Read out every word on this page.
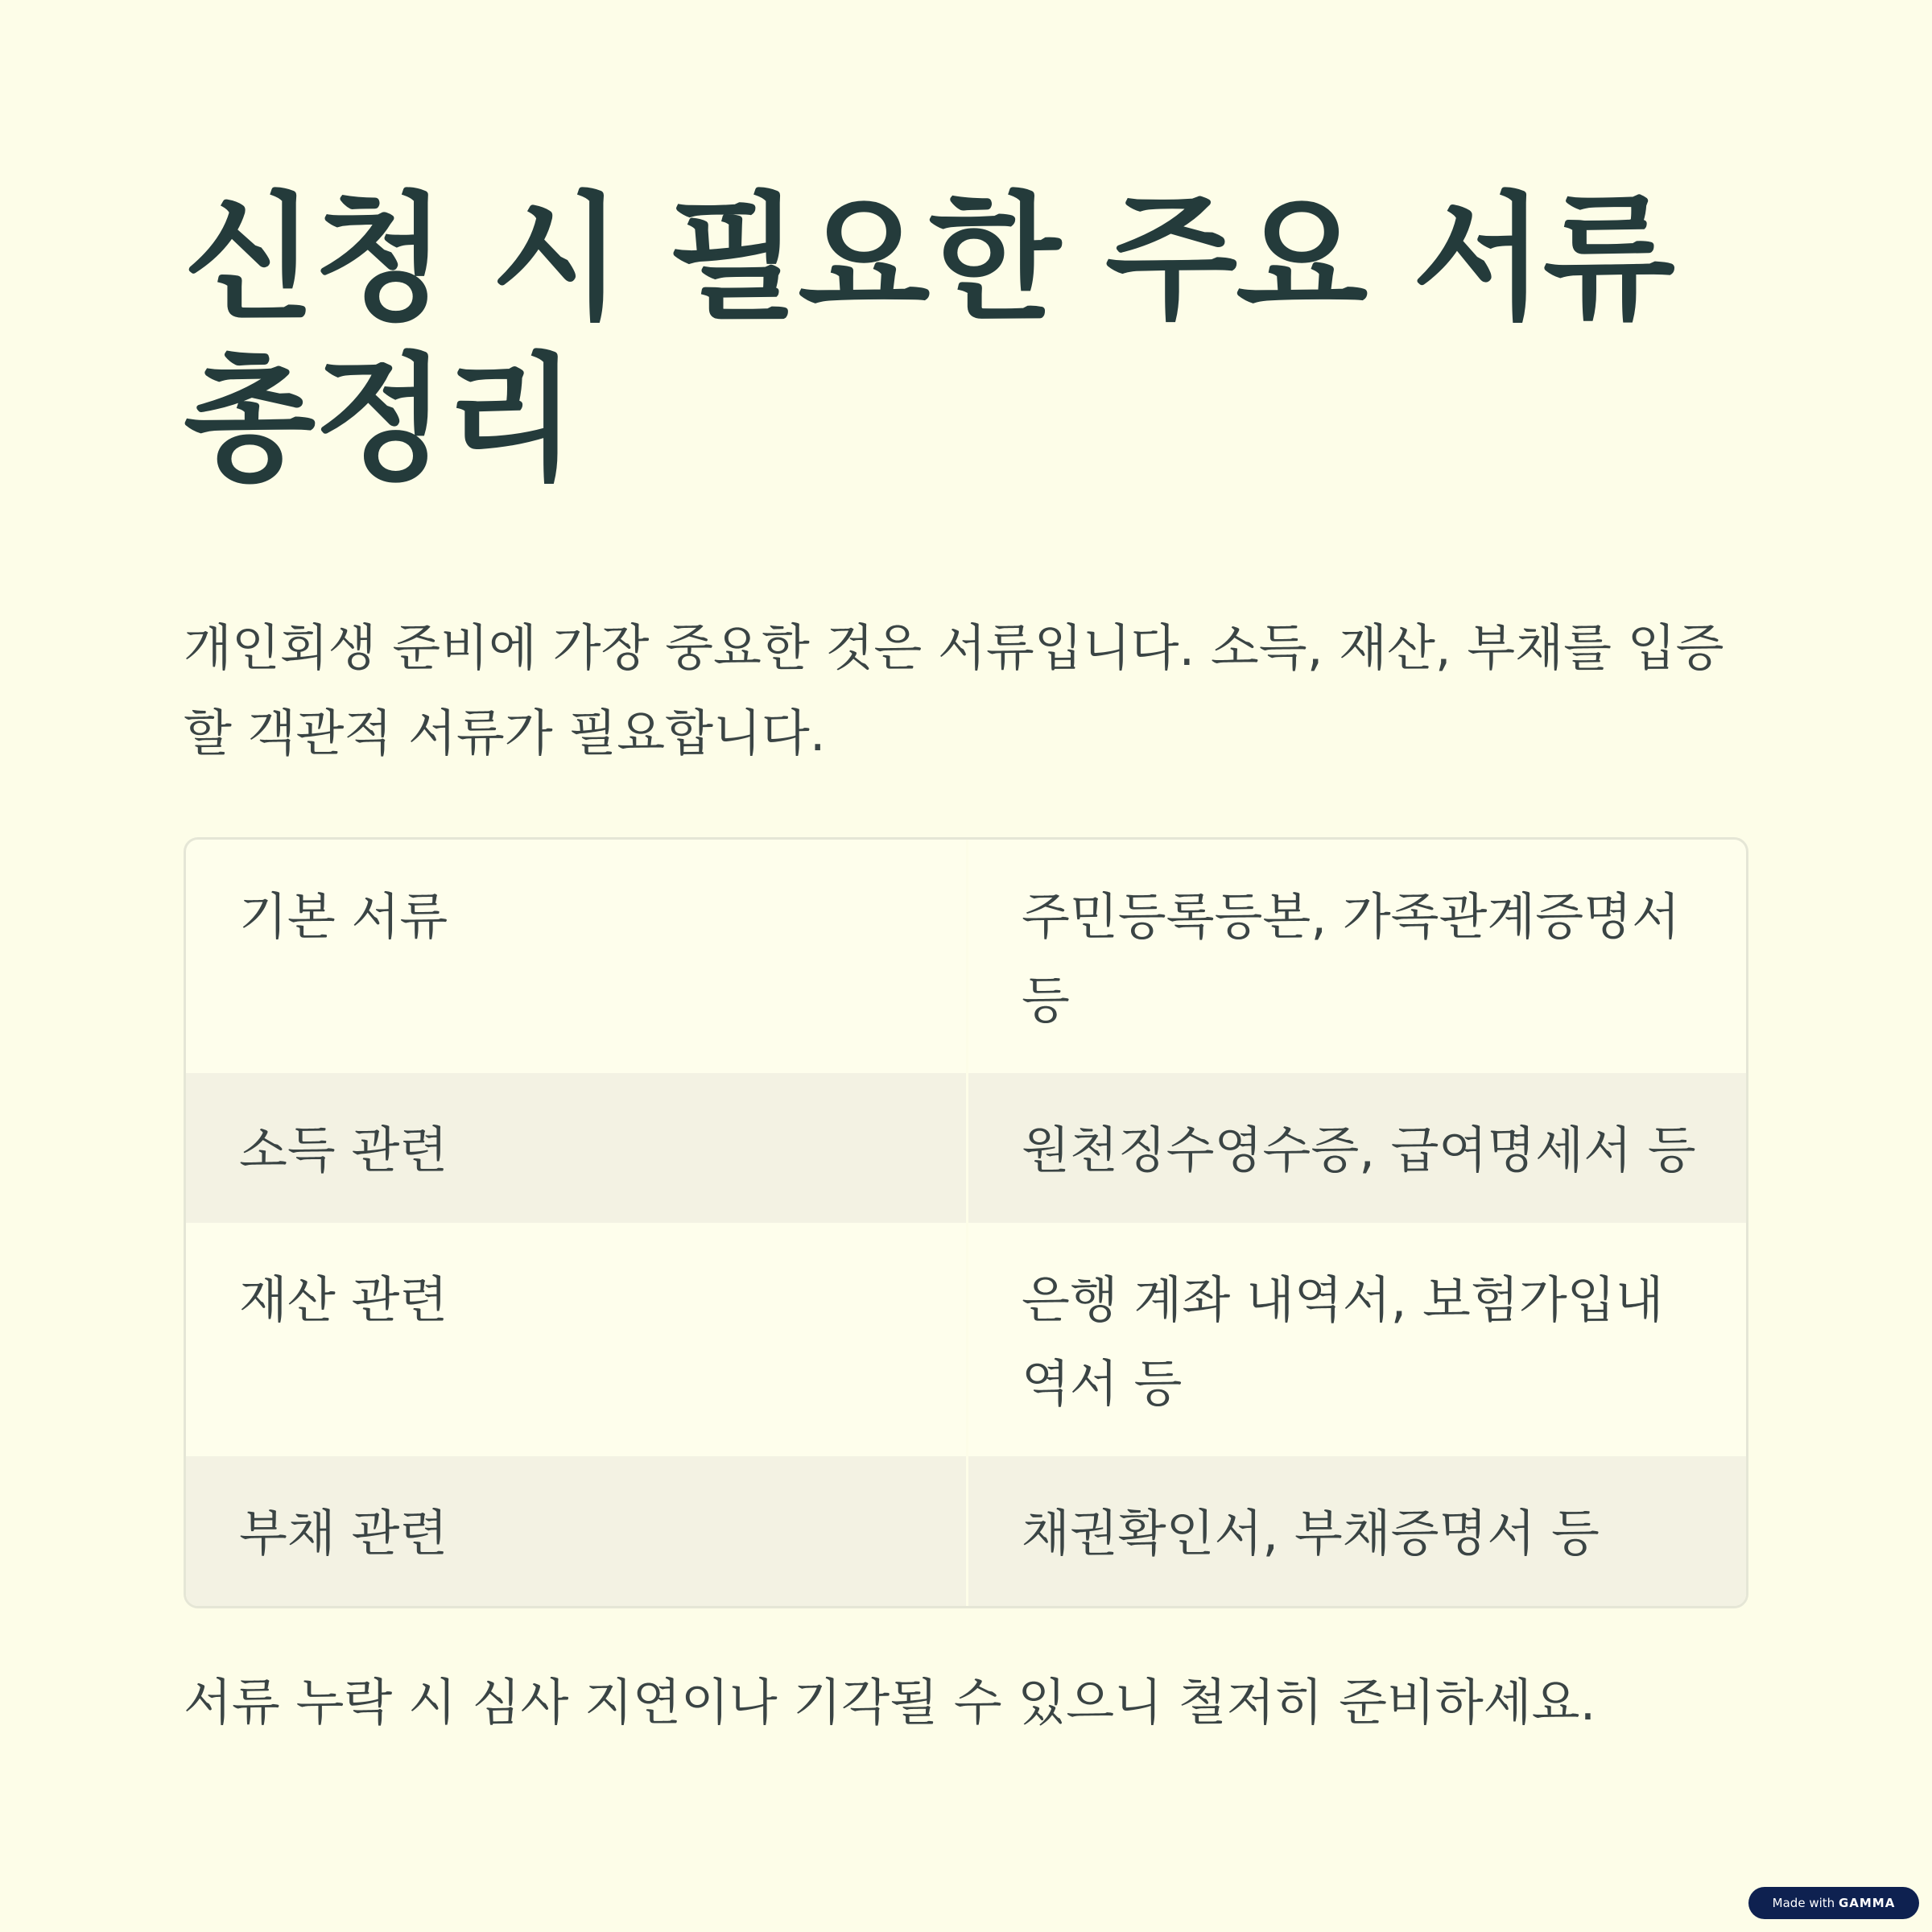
신청 시 필요한 주요 서류 총정리

개인회생 준비에 가장 중요한 것은 서류입니다. 소득, 재산, 부채를 입증할 객관적 서류가 필요합니다.

기본 서류	주민등록등본, 가족관계증명서 등
소득 관련	원천징수영수증, 급여명세서 등
재산 관련	은행 계좌 내역서, 보험가입내역서 등
부채 관련	채권확인서, 부채증명서 등

서류 누락 시 심사 지연이나 기각될 수 있으니 철저히 준비하세요.

Made with GAMMA
